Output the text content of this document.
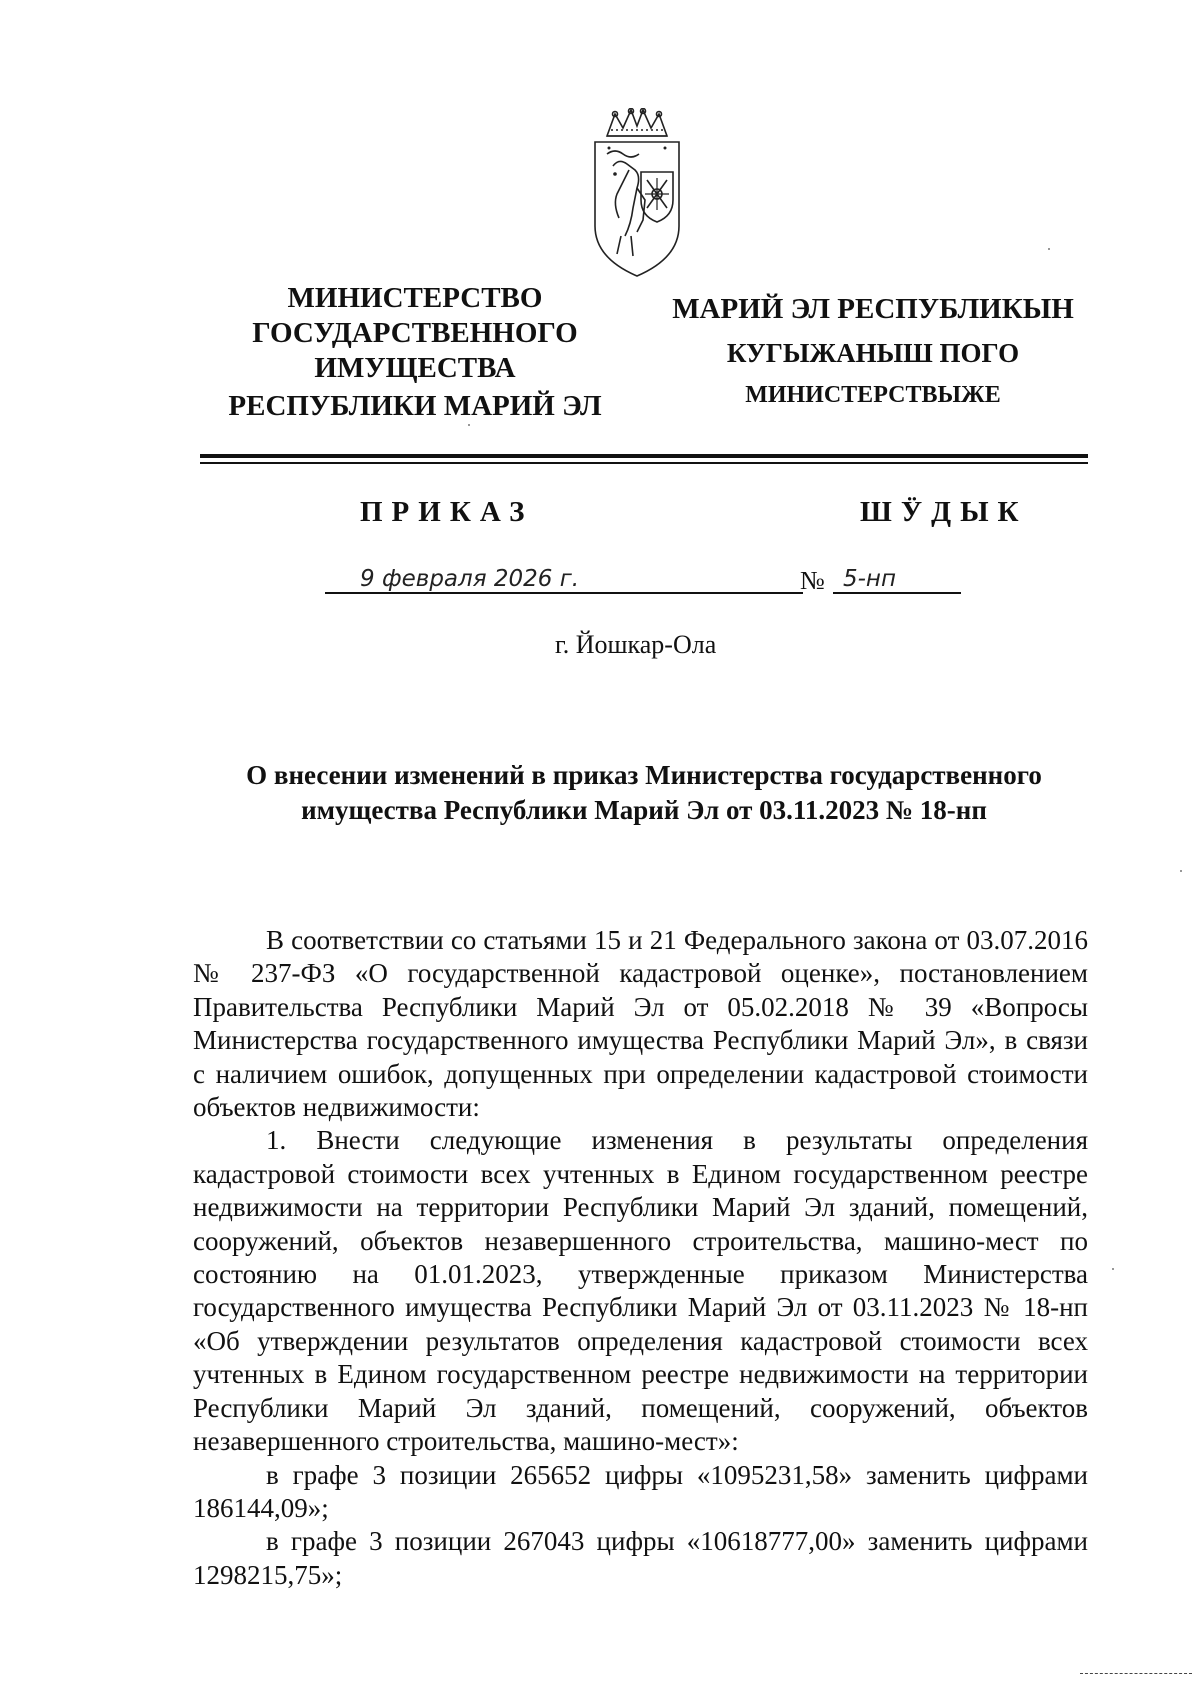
МИНИСТЕРСТВО
ГОСУДАРСТВЕННОГО
ИМУЩЕСТВА
РЕСПУБЛИКИ МАРИЙ ЭЛ
МАРИЙ ЭЛ РЕСПУБЛИКЫН
КУГЫЖАНЫШ ПОГО
МИНИСТЕРСТВЫЖЕ
ПРИКАЗ	ШӰДЫК
9 февраля 2026 г.	№ 5-нп
г. Йошкар-Ола
О внесении изменений в приказ Министерства государственного
имущества Республики Марий Эл от 03.11.2023 № 18-нп

В соответствии со статьями 15 и 21 Федерального закона от 03.07.2016 № 237-ФЗ «О государственной кадастровой оценке», постановлением Правительства Республики Марий Эл от 05.02.2018 № 39 «Вопросы Министерства государственного имущества Республики Марий Эл», в связи с наличием ошибок, допущенных при определении кадастровой стоимости объектов недвижимости:

1. Внести следующие изменения в результаты определения кадастровой стоимости всех учтенных в Едином государственном реестре недвижимости на территории Республики Марий Эл зданий, помещений, сооружений, объектов незавершенного строительства, машино-мест по состоянию на 01.01.2023, утвержденные приказом Министерства государственного имущества Республики Марий Эл от 03.11.2023 № 18-нп «Об утверждении результатов определения кадастровой стоимости всех учтенных в Едином государственном реестре недвижимости на территории Республики Марий Эл зданий, помещений, сооружений, объектов незавершенного строительства, машино-мест»:

в графе 3 позиции 265652 цифры «1095231,58» заменить цифрами

186144,09»;

в графе 3 позиции 267043 цифры «10618777,00» заменить цифрами

1298215,75»;
